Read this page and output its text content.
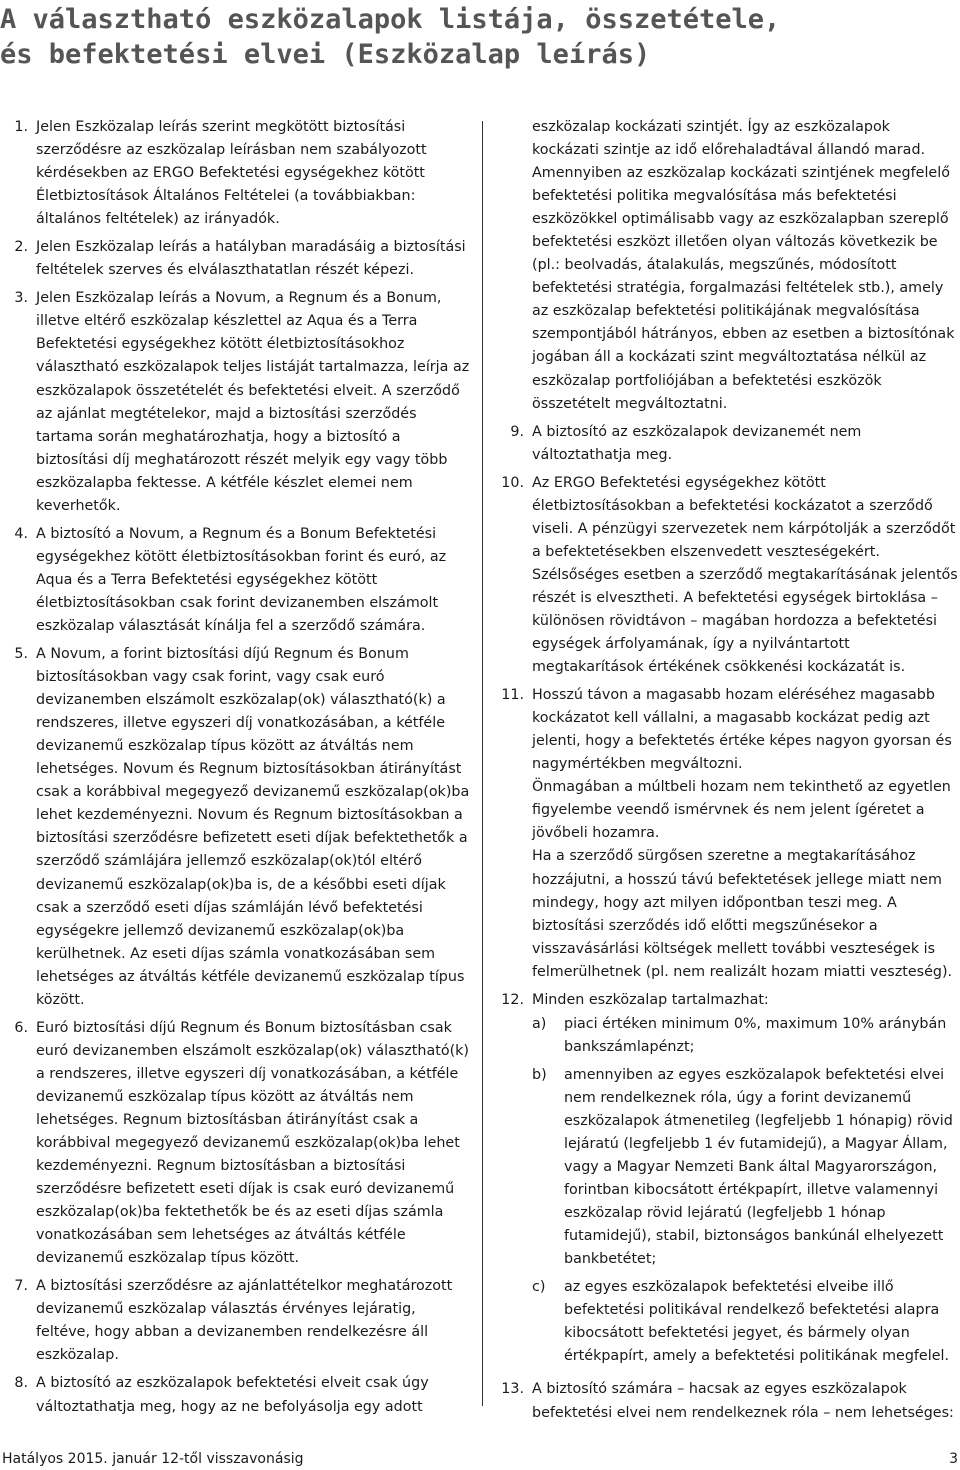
A választható eszközalapok listája, összetétele,
és befektetési elvei (Eszközalap leírás)
1. Jelen Eszközalap leírás szerint megkötött biztosítási szerződésre az eszközalap leírásban nem szabályozott kérdésekben az ERGO Befektetési egységekhez kötött Életbiztosítások Általános Feltételei (a továbbiakban: általános feltételek) az irányadók.

2. Jelen Eszközalap leírás a hatályban maradásáig a biztosítási feltételek szerves és elválaszthatatlan részét képezi.

3. Jelen Eszközalap leírás a Novum, a Regnum és a Bonum, illetve eltérő eszközalap készlettel az Aqua és a Terra Befektetési egységekhez kötött életbiztosításokhoz választható eszközalapok teljes listáját tartalmazza, leírja az eszközalapok összetételét és befektetési elveit. A szerződő az ajánlat megtételekor, majd a biztosítási szerződés tartama során meghatározhatja, hogy a biztosító a biztosítási díj meghatározott részét melyik egy vagy több eszközalapba fektesse. A kétféle készlet elemei nem keverhetők.

4. A biztosító a Novum, a Regnum és a Bonum Befektetési egységekhez kötött életbiztosításokban forint és euró, az Aqua és a Terra Befektetési egységekhez kötött életbiztosításokban csak forint devizanemben elszámolt eszközalap választását kínálja fel a szerződő számára.

5. A Novum, a forint biztosítási díjú Regnum és Bonum biztosításokban vagy csak forint, vagy csak euró devizanemben elszámolt eszközalap(ok) választható(k) a rendszeres, illetve egyszeri díj vonatkozásában, a kétféle devizanemű eszközalap típus között az átváltás nem lehetséges. Novum és Regnum biztosításokban átirányítást csak a korábbival megegyező devizanemű eszközalap(ok)ba lehet kezdeményezni. Novum és Regnum biztosításokban a biztosítási szerződésre befizetett eseti díjak befektethetők a szerződő számlájára jellemző eszközalap(ok)tól eltérő devizanemű eszközalap(ok)ba is, de a későbbi eseti díjak csak a szerződő eseti díjas számláján lévő befektetési egységekre jellemző devizanemű eszközalap(ok)ba kerülhetnek. Az eseti díjas számla vonatkozásában sem lehetséges az átváltás kétféle devizanemű eszközalap típus között.

6. Euró biztosítási díjú Regnum és Bonum biztosításban csak euró devizanemben elszámolt eszközalap(ok) választható(k) a rendszeres, illetve egyszeri díj vonatkozásában, a kétféle devizanemű eszközalap típus között az átváltás nem lehetséges. Regnum biztosításban átirányítást csak a korábbival megegyező devizanemű eszközalap(ok)ba lehet kezdeményezni. Regnum biztosításban a biztosítási szerződésre befizetett eseti díjak is csak euró devizanemű eszközalap(ok)ba fektethetők be és az eseti díjas számla vonatkozásában sem lehetséges az átváltás kétféle devizanemű eszközalap típus között.

7. A biztosítási szerződésre az ajánlattételkor meghatározott devizanemű eszközalap választás érvényes lejáratig, feltéve, hogy abban a devizanemben rendelkezésre áll eszközalap.

8. A biztosító az eszközalapok befektetési elveit csak úgy változtathatja meg, hogy az ne befolyásolja egy adott

eszközalap kockázati szintjét. Így az eszközalapok kockázati szintje az idő előrehaladtával állandó marad. Amennyiben az eszközalap kockázati szintjének megfelelő befektetési politika megvalósítása más befektetési eszközökkel optimálisabb vagy az eszközalapban szereplő befektetési eszközt illetően olyan változás következik be (pl.: beolvadás, átalakulás, megszűnés, módosított befektetési stratégia, forgalmazási feltételek stb.), amely az eszközalap befektetési politikájának megvalósítása szempontjából hátrányos, ebben az esetben a biztosítónak jogában áll a kockázati szint megváltoztatása nélkül az eszközalap portfoliójában a befektetési eszközök összetételt megváltoztatni.

9. A biztosító az eszközalapok devizanemét nem változtathatja meg.

10. Az ERGO Befektetési egységekhez kötött életbiztosításokban a befektetési kockázatot a szerződő viseli. A pénzügyi szervezetek nem kárpótolják a szerződőt a befektetésekben elszenvedett veszteségekért. Szélsőséges esetben a szerződő megtakarításának jelentős részét is elvesztheti. A befektetési egységek birtoklása – különösen rövidtávon – magában hordozza a befektetési egységek árfolyamának, így a nyilvántartott megtakarítások értékének csökkenési kockázatát is.

11. Hosszú távon a magasabb hozam eléréséhez magasabb kockázatot kell vállalni, a magasabb kockázat pedig azt jelenti, hogy a befektetés értéke képes nagyon gyorsan és nagymértékben megváltozni.

Önmagában a múltbeli hozam nem tekinthető az egyetlen figyelembe veendő ismérvnek és nem jelent ígéretet a jövőbeli hozamra.

Ha a szerződő sürgősen szeretne a megtakarításához hozzájutni, a hosszú távú befektetések jellege miatt nem mindegy, hogy azt milyen időpontban teszi meg. A biztosítási szerződés idő előtti megszűnésekor a visszavásárlási költségek mellett további veszteségek is felmerülhetnek (pl. nem realizált hozam miatti veszteség).

12. Minden eszközalap tartalmazhat:

a)	piaci értéken minimum 0%, maximum 10% aránybán bankszámlapénzt;
b)	amennyiben az egyes eszközalapok befektetési elvei nem rendelkeznek róla, úgy a forint devizanemű eszközalapok átmenetileg (legfeljebb 1 hónapig) rövid lejáratú (legfeljebb 1 év futamidejű), a Magyar Állam, vagy a Magyar Nemzeti Bank által Magyarországon, forintban kibocsátott értékpapírt, illetve valamennyi eszközalap rövid lejáratú (legfeljebb 1 hónap futamidejű), stabil, biztonságos bankúnál elhelyezett bankbetétet;
c)	az egyes eszközalapok befektetési elveibe illő befektetési politikával rendelkező befektetési alapra kibocsátott befektetési jegyet, és bármely olyan értékpapírt, amely a befektetési politikának megfelel.
13. A biztosító számára – hacsak az egyes eszközalapok befektetési elvei nem rendelkeznek róla – nem lehetséges:

Hatályos 2015. január 12-től visszavonásig	3
